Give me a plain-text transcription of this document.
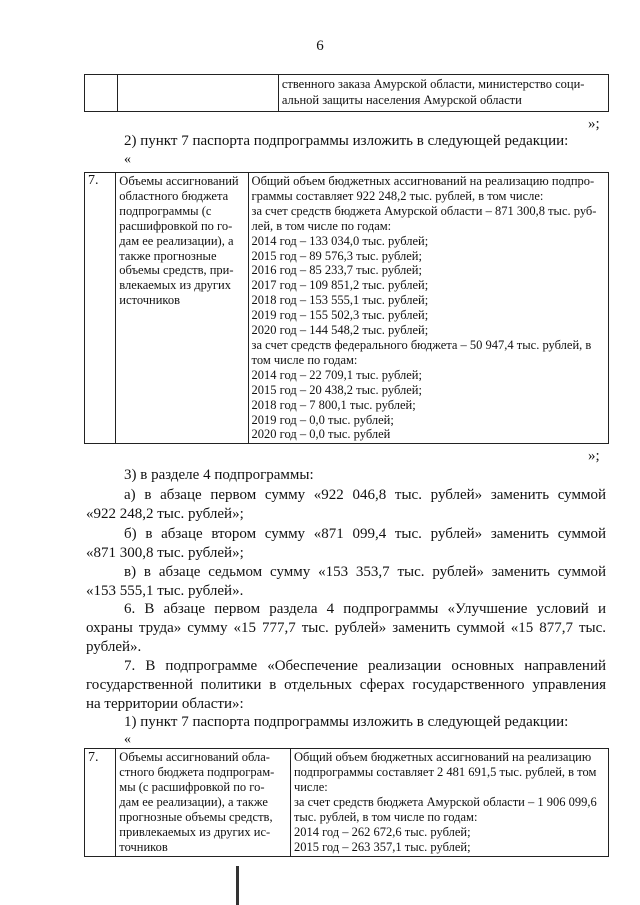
6

ственного заказа Амурской области, министерство соци-
альной защиты населения Амурской области
»;
2) пункт 7 паспорта подпрограммы изложить в следующей редакции:
«
7.	Объемы ассигнований
областного бюджета
подпрограммы (с
расшифровкой по го-
дам ее реализации), а
также прогнозные
объемы средств, при-
влекаемых из других
источников

Общий объем бюджетных ассигнований на реализацию подпро-
граммы составляет 922 248,2 тыс. рублей, в том числе:
за счет средств бюджета Амурской области – 871 300,8 тыс. руб-
лей, в том числе по годам:
2014 год – 133 034,0 тыс. рублей;
2015 год – 89 576,3 тыс. рублей;
2016 год – 85 233,7 тыс. рублей;
2017 год – 109 851,2 тыс. рублей;
2018 год – 153 555,1 тыс. рублей;
2019 год – 155 502,3 тыс. рублей;
2020 год – 144 548,2 тыс. рублей;
за счет средств федерального бюджета – 50 947,4 тыс. рублей, в
том числе по годам:
2014 год – 22 709,1 тыс. рублей;
2015 год – 20 438,2 тыс. рублей;
2018 год – 7 800,1 тыс. рублей;
2019 год – 0,0 тыс. рублей;
2020 год – 0,0 тыс. рублей
»;
3) в разделе 4 подпрограммы:
а) в абзаце первом сумму «922 046,8 тыс. рублей» заменить суммой
«922 248,2 тыс. рублей»;
б) в абзаце втором сумму «871 099,4 тыс. рублей» заменить суммой
«871 300,8 тыс. рублей»;
в) в абзаце седьмом сумму «153 353,7 тыс. рублей» заменить суммой
«153 555,1 тыс. рублей».
6. В абзаце первом раздела 4 подпрограммы «Улучшение условий и
охраны труда» сумму «15 777,7 тыс. рублей» заменить суммой «15 877,7 тыс.
рублей».
7. В подпрограмме «Обеспечение реализации основных направлений
государственной политики в отдельных сферах государственного управления
на территории области»:
1) пункт 7 паспорта подпрограммы изложить в следующей редакции:
«
7.	Объемы ассигнований обла-
стного бюджета подпрограм-
мы (с расшифровкой по го-
дам ее реализации), а также
прогнозные объемы средств,
привлекаемых из других ис-
точников

Общий объем бюджетных ассигнований на реализацию
подпрограммы составляет 2 481 691,5 тыс. рублей, в том
числе:
за счет средств бюджета Амурской области – 1 906 099,6
тыс. рублей, в том числе по годам:
2014 год – 262 672,6 тыс. рублей;
2015 год – 263 357,1 тыс. рублей;
